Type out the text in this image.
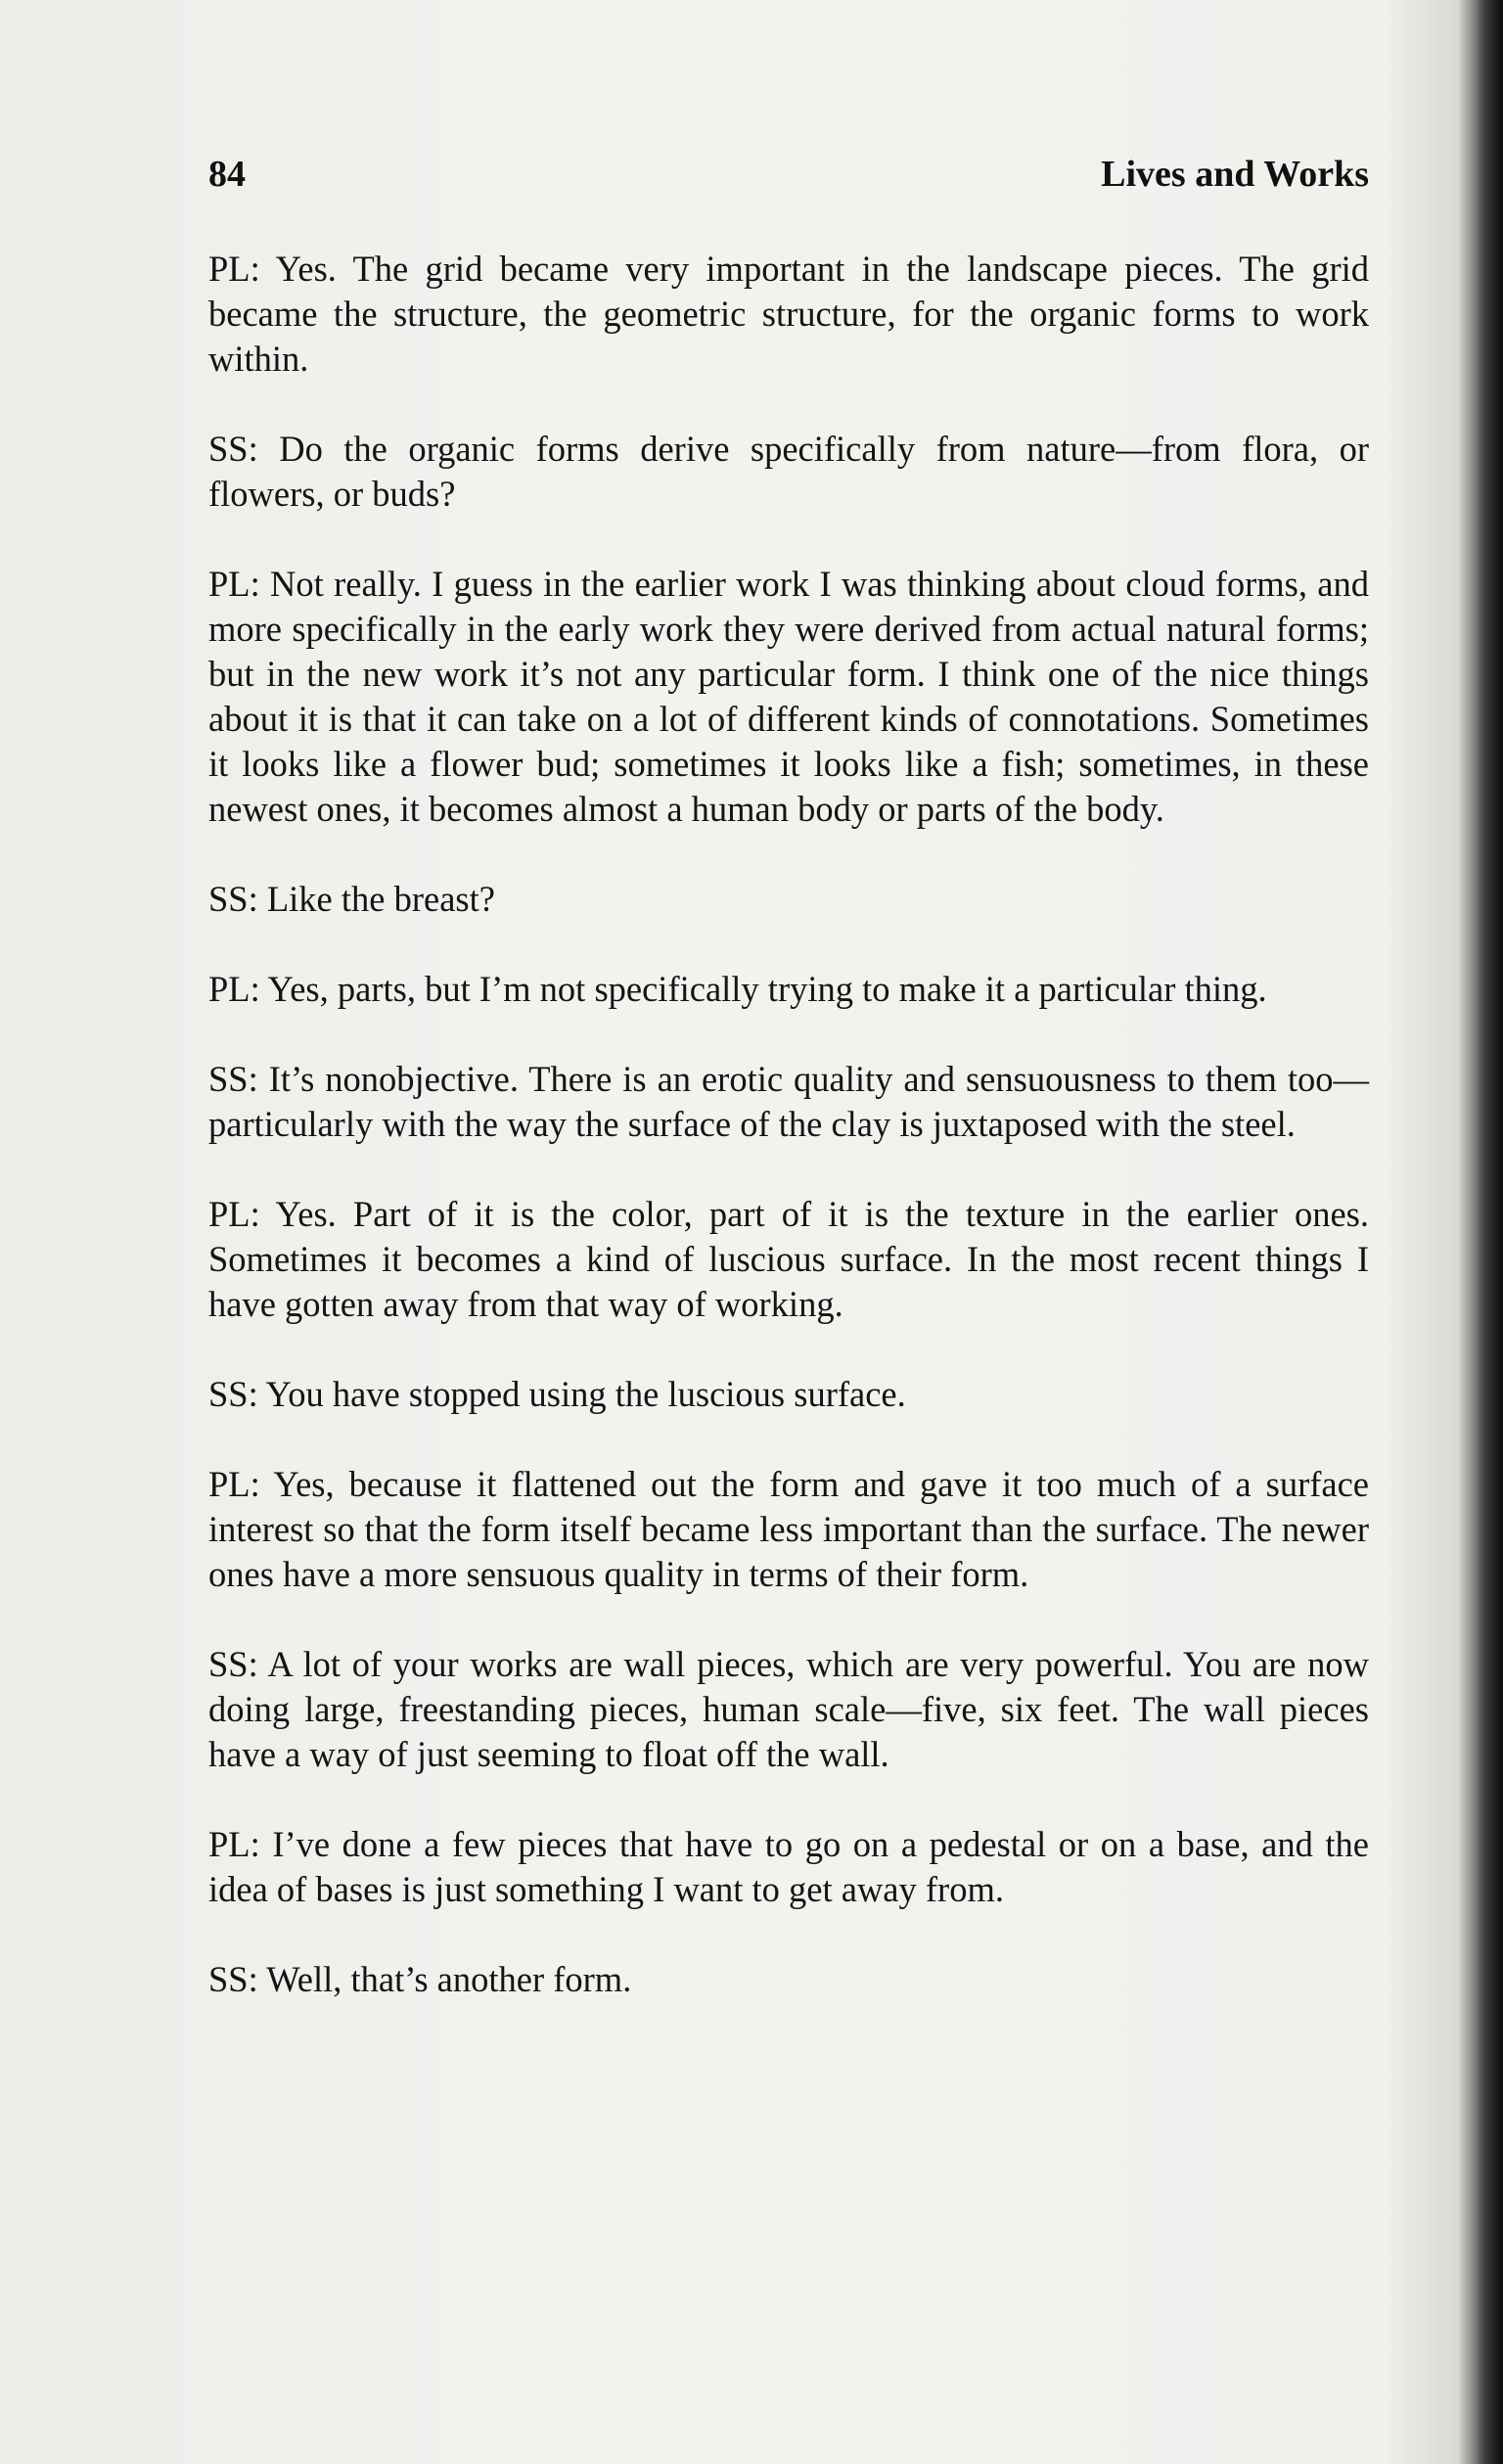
84	Lives and Works

PL: Yes. The grid became very important in the landscape pieces. The grid became the structure, the geometric structure, for the organic forms to work within.

SS: Do the organic forms derive specifically from nature—from flora, or flowers, or buds?

PL: Not really. I guess in the earlier work I was thinking about cloud forms, and more specifically in the early work they were derived from actual natural forms; but in the new work it’s not any particular form. I think one of the nice things about it is that it can take on a lot of different kinds of connotations. Sometimes it looks like a flower bud; sometimes it looks like a fish; sometimes, in these newest ones, it becomes almost a human body or parts of the body.

SS: Like the breast?

PL: Yes, parts, but I’m not specifically trying to make it a particular thing.

SS: It’s nonobjective. There is an erotic quality and sensuousness to them too—particularly with the way the surface of the clay is juxtaposed with the steel.

PL: Yes. Part of it is the color, part of it is the texture in the earlier ones. Sometimes it becomes a kind of luscious surface. In the most recent things I have gotten away from that way of working.

SS: You have stopped using the luscious surface.

PL: Yes, because it flattened out the form and gave it too much of a surface interest so that the form itself became less important than the surface. The newer ones have a more sensuous quality in terms of their form.

SS: A lot of your works are wall pieces, which are very powerful. You are now doing large, freestanding pieces, human scale—five, six feet. The wall pieces have a way of just seeming to float off the wall.

PL: I’ve done a few pieces that have to go on a pedestal or on a base, and the idea of bases is just something I want to get away from.

SS: Well, that’s another form.
